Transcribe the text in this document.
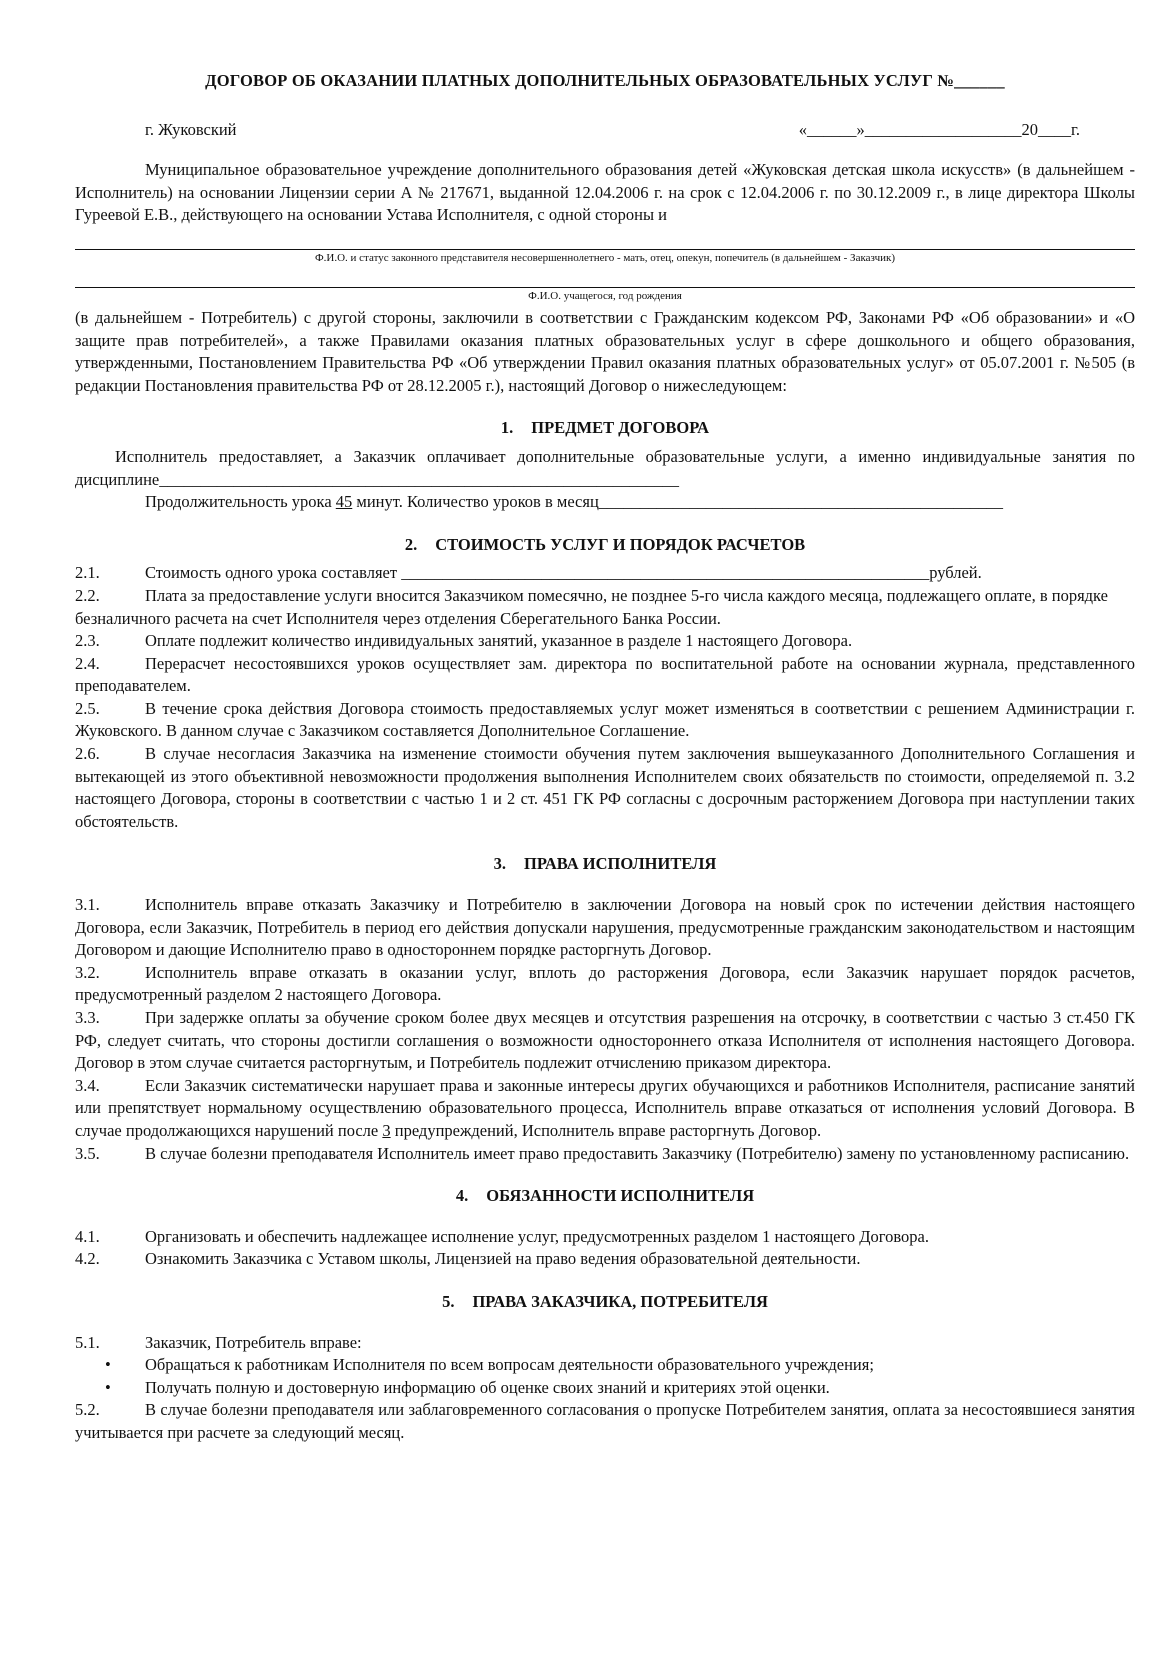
ДОГОВОР ОБ ОКАЗАНИИ ПЛАТНЫХ ДОПОЛНИТЕЛЬНЫХ ОБРАЗОВАТЕЛЬНЫХ УСЛУГ №______
г. Жуковский	«______»___________________20____г.
Муниципальное образовательное учреждение дополнительного образования детей «Жуковская детская школа искусств» (в дальнейшем - Исполнитель) на основании Лицензии серии А № 217671, выданной 12.04.2006 г. на срок с 12.04.2006 г. по 30.12.2009 г., в лице директора Школы Гуреевой Е.В., действующего на основании Устава Исполнителя, с одной стороны и
Ф.И.О. и статус законного представителя несовершеннолетнего - мать, отец, опекун, попечитель (в дальнейшем - Заказчик)
Ф.И.О. учащегося, год рождения
(в дальнейшем - Потребитель) с другой стороны, заключили в соответствии с Гражданским кодексом РФ, Законами РФ «Об образовании» и «О защите прав потребителей», а также Правилами оказания платных образовательных услуг в сфере дошкольного и общего образования, утвержденными, Постановлением Правительства РФ «Об утверждении Правил оказания платных образовательных услуг» от 05.07.2001 г. №505 (в редакции Постановления правительства РФ от 28.12.2005 г.), настоящий Договор о нижеследующем:
1. ПРЕДМЕТ ДОГОВОРА
Исполнитель предоставляет, а Заказчик оплачивает дополнительные образовательные услуги, а именно индивидуальные занятия по дисциплине_______________________________________________________________
Продолжительность урока 45 минут. Количество уроков в месяц_________________________________________________
2. СТОИМОСТЬ УСЛУГ И ПОРЯДОК РАСЧЕТОВ
2.1.	Стоимость одного урока составляет ________________________________________________________________рублей.
2.2.	Плата за предоставление услуги вносится Заказчиком помесячно, не позднее 5-го числа каждого месяца, подлежащего оплате, в порядке безналичного расчета на счет Исполнителя через отделения Сберегательного Банка России.
2.3.	Оплате подлежит количество индивидуальных занятий, указанное в разделе 1 настоящего Договора.
2.4.	Перерасчет несостоявшихся уроков осуществляет зам. директора по воспитательной работе на основании журнала, представленного преподавателем.
2.5.	В течение срока действия Договора стоимость предоставляемых услуг может изменяться в соответствии с решением Администрации г. Жуковского. В данном случае с Заказчиком составляется Дополнительное Соглашение.
2.6.	В случае несогласия Заказчика на изменение стоимости обучения путем заключения вышеуказанного Дополнительного Соглашения и вытекающей из этого объективной невозможности продолжения выполнения Исполнителем своих обязательств по стоимости, определяемой п. 3.2 настоящего Договора, стороны в соответствии с частью 1 и 2 ст. 451 ГК РФ согласны с досрочным расторжением Договора при наступлении таких обстоятельств.
3. ПРАВА ИСПОЛНИТЕЛЯ
3.1.	Исполнитель вправе отказать Заказчику и Потребителю в заключении Договора на новый срок по истечении действия настоящего Договора, если Заказчик, Потребитель в период его действия допускали нарушения, предусмотренные гражданским законодательством и настоящим Договором и дающие Исполнителю право в одностороннем порядке расторгнуть Договор.
3.2.	Исполнитель вправе отказать в оказании услуг, вплоть до расторжения Договора, если Заказчик нарушает порядок расчетов, предусмотренный разделом 2 настоящего Договора.
3.3.	При задержке оплаты за обучение сроком более двух месяцев и отсутствия разрешения на отсрочку, в соответствии с частью 3 ст.450 ГК РФ, следует считать, что стороны достигли соглашения о возможности одностороннего отказа Исполнителя от исполнения настоящего Договора. Договор в этом случае считается расторгнутым, и Потребитель подлежит отчислению приказом директора.
3.4.	Если Заказчик систематически нарушает права и законные интересы других обучающихся и работников Исполнителя, расписание занятий или препятствует нормальному осуществлению образовательного процесса, Исполнитель вправе отказаться от исполнения условий Договора. В случае продолжающихся нарушений после 3 предупреждений, Исполнитель вправе расторгнуть Договор.
3.5.	В случае болезни преподавателя Исполнитель имеет право предоставить Заказчику (Потребителю) замену по установленному расписанию.
4. ОБЯЗАННОСТИ ИСПОЛНИТЕЛЯ
4.1.	Организовать и обеспечить надлежащее исполнение услуг, предусмотренных разделом 1 настоящего Договора.
4.2.	Ознакомить Заказчика с Уставом школы, Лицензией на право ведения образовательной деятельности.
5. ПРАВА ЗАКАЗЧИКА, ПОТРЕБИТЕЛЯ
5.1.	Заказчик, Потребитель вправе:
•	Обращаться к работникам Исполнителя по всем вопросам деятельности образовательного учреждения;
•	Получать полную и достоверную информацию об оценке своих знаний и критериях этой оценки.
5.2.	В случае болезни преподавателя или заблаговременного согласования о пропуске Потребителем занятия, оплата за несостоявшиеся занятия учитывается при расчете за следующий месяц.
